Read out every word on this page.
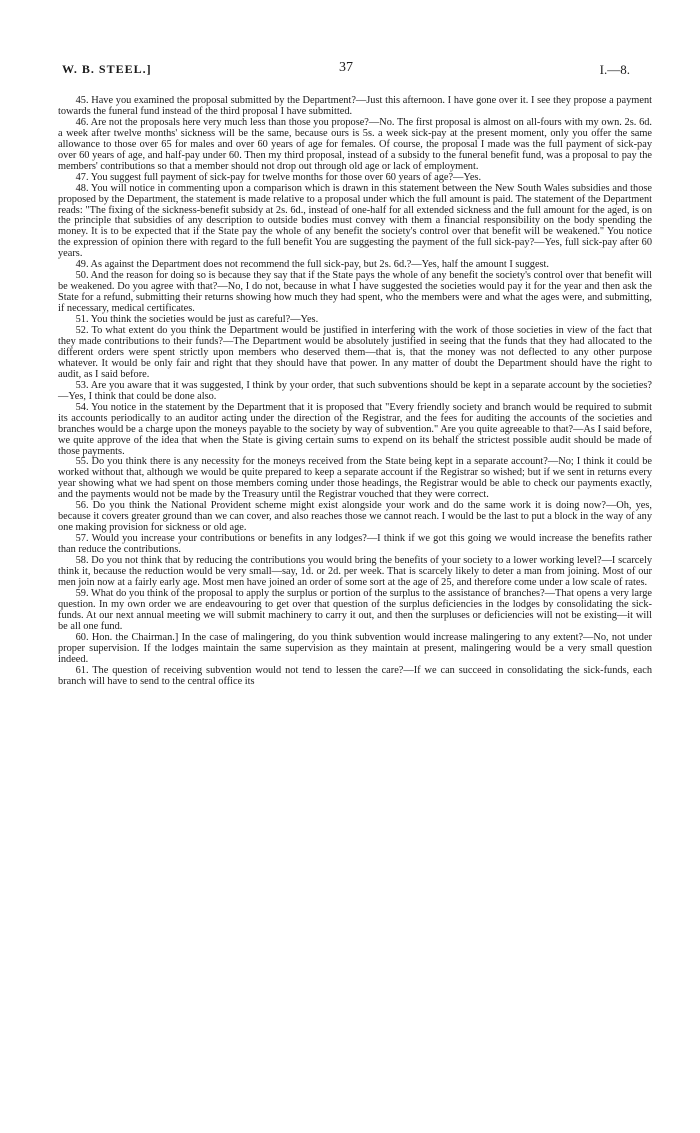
W. B. STEEL.]	37	I.—8.

45. Have you examined the proposal submitted by the Department?—Just this afternoon. I have gone over it. I see they propose a payment towards the funeral fund instead of the third proposal I have submitted.

46. Are not the proposals here very much less than those you propose?—No. The first proposal is almost on all-fours with my own. 2s. 6d. a week after twelve months' sickness will be the same, because ours is 5s. a week sick-pay at the present moment, only you offer the same allowance to those over 65 for males and over 60 years of age for females. Of course, the proposal I made was the full payment of sick-pay over 60 years of age, and half-pay under 60. Then my third proposal, instead of a subsidy to the funeral benefit fund, was a proposal to pay the members' contributions so that a member should not drop out through old age or lack of employment.

47. You suggest full payment of sick-pay for twelve months for those over 60 years of age?—Yes.

48. You will notice in commenting upon a comparison which is drawn in this statement between the New South Wales subsidies and those proposed by the Department, the statement is made relative to a proposal under which the full amount is paid. The statement of the Department reads: "The fixing of the sickness-benefit subsidy at 2s. 6d., instead of one-half for all extended sickness and the full amount for the aged, is on the principle that subsidies of any description to outside bodies must convey with them a financial responsibility on the body spending the money. It is to be expected that if the State pay the whole of any benefit the society's control over that benefit will be weakened." You notice the expression of opinion there with regard to the full benefit You are suggesting the payment of the full sick-pay?—Yes, full sick-pay after 60 years.

49. As against the Department does not recommend the full sick-pay, but 2s. 6d.?—Yes, half the amount I suggest.

50. And the reason for doing so is because they say that if the State pays the whole of any benefit the society's control over that benefit will be weakened. Do you agree with that?—No, I do not, because in what I have suggested the societies would pay it for the year and then ask the State for a refund, submitting their returns showing how much they had spent, who the members were and what the ages were, and submitting, if necessary, medical certificates.

51. You think the societies would be just as careful?—Yes.

52. To what extent do you think the Department would be justified in interfering with the work of those societies in view of the fact that they made contributions to their funds?—The Department would be absolutely justified in seeing that the funds that they had allocated to the different orders were spent strictly upon members who deserved them—that is, that the money was not deflected to any other purpose whatever. It would be only fair and right that they should have that power. In any matter of doubt the Department should have the right to audit, as I said before.

53. Are you aware that it was suggested, I think by your order, that such subventions should be kept in a separate account by the societies?—Yes, I think that could be done also.

54. You notice in the statement by the Department that it is proposed that "Every friendly society and branch would be required to submit its accounts periodically to an auditor acting under the direction of the Registrar, and the fees for auditing the accounts of the societies and branches would be a charge upon the moneys payable to the society by way of subvention." Are you quite agreeable to that?—As I said before, we quite approve of the idea that when the State is giving certain sums to expend on its behalf the strictest possible audit should be made of those payments.

55. Do you think there is any necessity for the moneys received from the State being kept in a separate account?—No; I think it could be worked without that, although we would be quite prepared to keep a separate account if the Registrar so wished; but if we sent in returns every year showing what we had spent on those members coming under those headings, the Registrar would be able to check our payments exactly, and the payments would not be made by the Treasury until the Registrar vouched that they were correct.

56. Do you think the National Provident scheme might exist alongside your work and do the same work it is doing now?—Oh, yes, because it covers greater ground than we can cover, and also reaches those we cannot reach. I would be the last to put a block in the way of any one making provision for sickness or old age.

57. Would you increase your contributions or benefits in any lodges?—I think if we got this going we would increase the benefits rather than reduce the contributions.

58. Do you not think that by reducing the contributions you would bring the benefits of your society to a lower working level?—I scarcely think it, because the reduction would be very small—say, 1d. or 2d. per week. That is scarcely likely to deter a man from joining. Most of our men join now at a fairly early age. Most men have joined an order of some sort at the age of 25, and therefore come under a low scale of rates.

59. What do you think of the proposal to apply the surplus or portion of the surplus to the assistance of branches?—That opens a very large question. In my own order we are endeavouring to get over that question of the surplus deficiencies in the lodges by consolidating the sick-funds. At our next annual meeting we will submit machinery to carry it out, and then the surpluses or deficiencies will not be existing—it will be all one fund.

60. Hon. the Chairman.] In the case of malingering, do you think subvention would increase malingering to any extent?—No, not under proper supervision. If the lodges maintain the same supervision as they maintain at present, malingering would be a very small question indeed.

61. The question of receiving subvention would not tend to lessen the care?—If we can succeed in consolidating the sick-funds, each branch will have to send to the central office its
